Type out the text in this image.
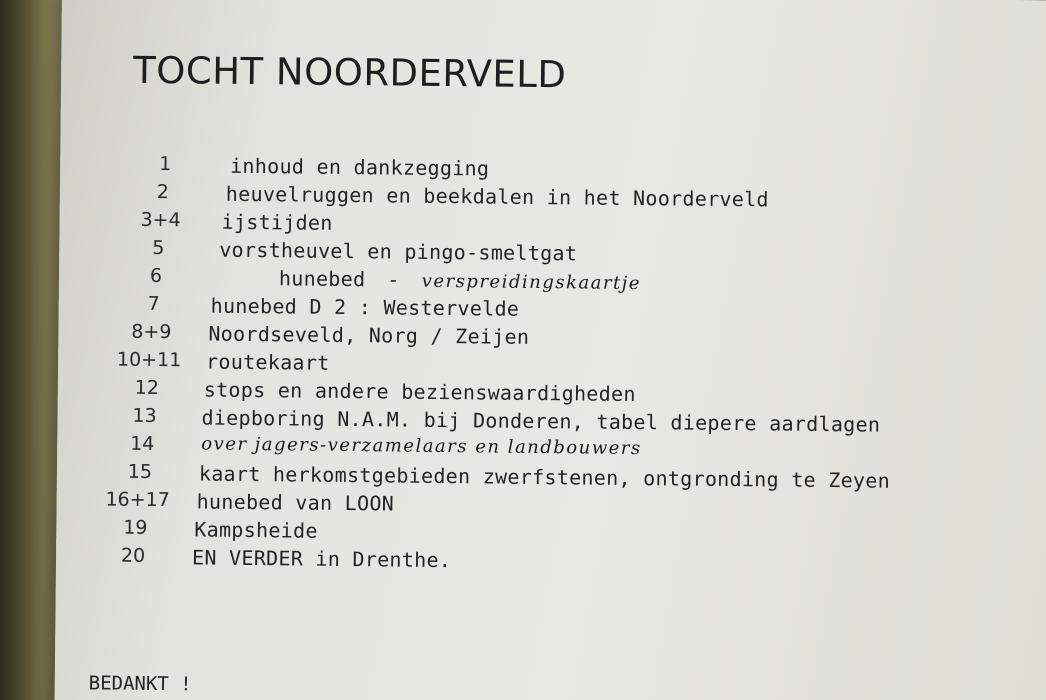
TOCHT NOORDERVELD
1	inhoud en dankzegging
2	heuvelruggen en beekdalen in het Noorderveld
3+4	ijstijden
5	vorstheuvel en pingo-smeltgat
6	hunebed - verspreidingskaartje
7	hunebed D 2 : Westervelde
8+9	Noordseveld, Norg / Zeijen
10+11 routekaart
12	stops en andere bezienswaardigheden
13	diepboring N.A.M. bij Donderen, tabel diepere aardlagen
14	over jagers-verzamelaars en landbouwers
15	kaart herkomstgebieden zwerfstenen, ontgronding te Zeyen
16+17 hunebed van LOON
19	Kampsheide
20	EN VERDER in Drenthe.
BEDANKT !
